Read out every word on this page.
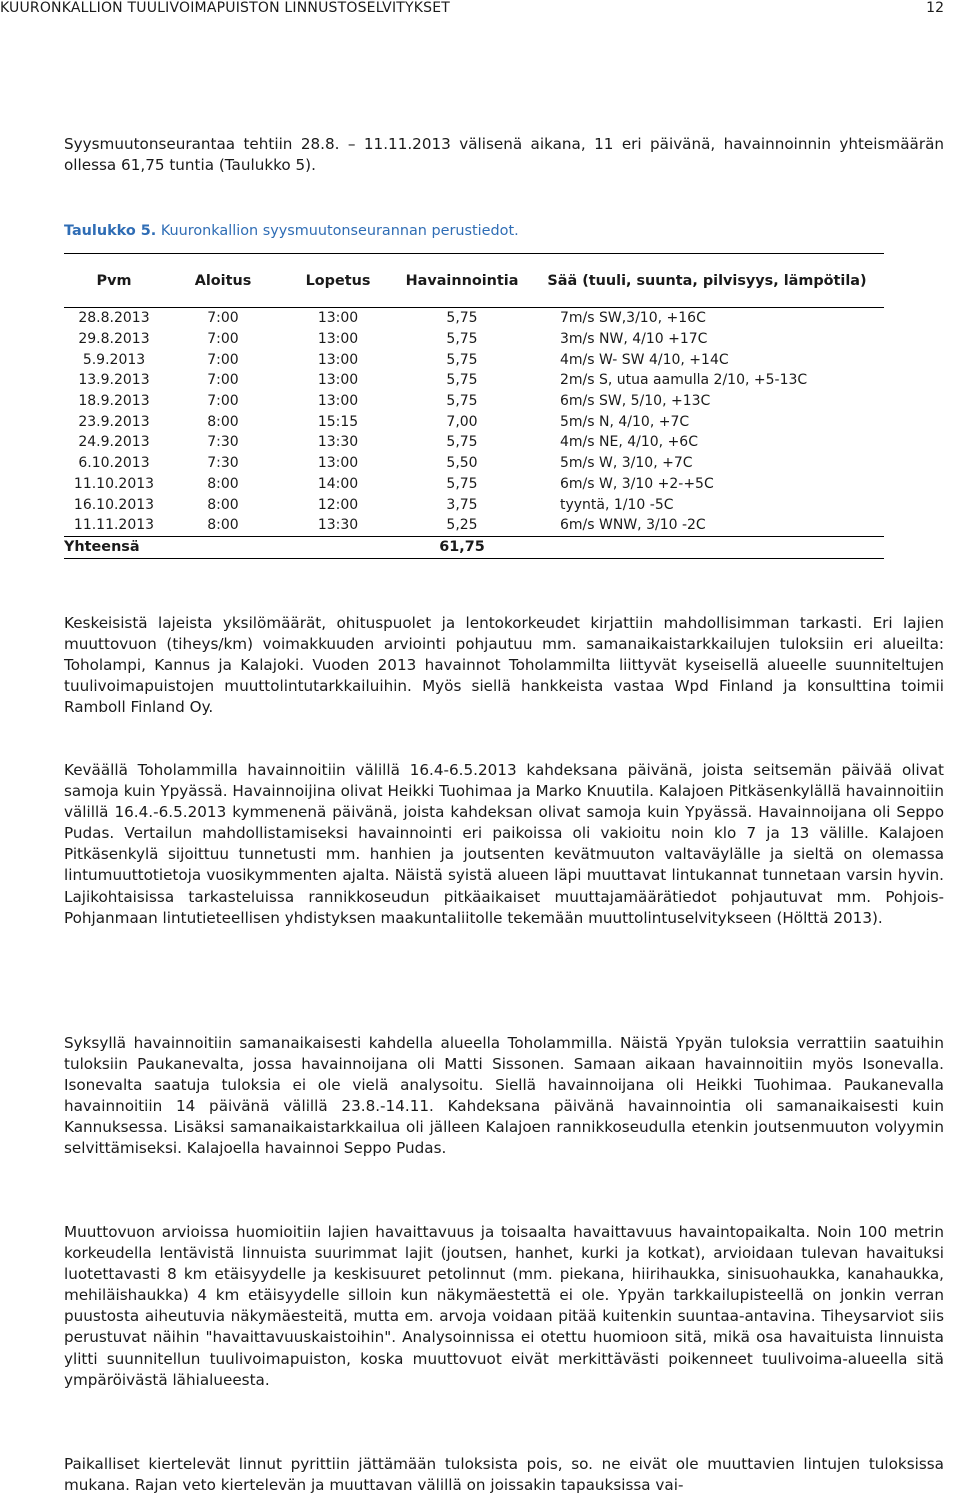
KUURONKALLION TUULIVOIMAPUISTON LINNUSTOSELVITYKSET	12

Syysmuutonseurantaa tehtiin 28.8. – 11.11.2013 välisenä aikana, 11 eri päivänä, havainnoinnin yhteismäärän ollessa 61,75 tuntia (Taulukko 5).

Taulukko 5. Kuuronkallion syysmuutonseurannan perustiedot.
Pvm	Aloitus	Lopetus	Havainnointia	Sää (tuuli, suunta, pilvisyys, lämpötila)
28.8.2013	7:00	13:00	5,75	7m/s SW,3/10, +16C
29.8.2013	7:00	13:00	5,75	3m/s NW, 4/10 +17C
5.9.2013	7:00	13:00	5,75	4m/s W- SW 4/10, +14C
13.9.2013	7:00	13:00	5,75	2m/s S, utua aamulla 2/10, +5-13C
18.9.2013	7:00	13:00	5,75	6m/s SW, 5/10, +13C
23.9.2013	8:00	15:15	7,00	5m/s N, 4/10, +7C
24.9.2013	7:30	13:30	5,75	4m/s NE, 4/10, +6C
6.10.2013	7:30	13:00	5,50	5m/s W, 3/10, +7C
11.10.2013	8:00	14:00	5,75	6m/s W, 3/10 +2-+5C
16.10.2013	8:00	12:00	3,75	tyyntä, 1/10 -5C
11.11.2013	8:00	13:30	5,25	6m/s WNW, 3/10 -2C
Yhteensä			61,75	

Keskeisistä lajeista yksilömäärät, ohituspuolet ja lentokorkeudet kirjattiin mahdollisimman tarkasti. Eri lajien muuttovuon (tiheys/km) voimakkuuden arviointi pohjautuu mm. samanaikaistarkkailujen tuloksiin eri alueilta: Toholampi, Kannus ja Kalajoki. Vuoden 2013 havainnot Toholammilta liittyvät kyseisellä alueelle suunniteltujen tuulivoimapuistojen muuttolintutarkkailuihin. Myös siellä hankkeista vastaa Wpd Finland ja konsulttina toimii Ramboll Finland Oy.

Keväällä Toholammilla havainnoitiin välillä 16.4-6.5.2013 kahdeksana päivänä, joista seitsemän päivää olivat samoja kuin Ypyässä. Havainnoijina olivat Heikki Tuohimaa ja Marko Knuutila. Kalajoen Pitkäsenkylällä havainnoitiin välillä 16.4.-6.5.2013 kymmenenä päivänä, joista kahdeksan olivat samoja kuin Ypyässä. Havainnoijana oli Seppo Pudas. Vertailun mahdollistamiseksi havainnointi eri paikoissa oli vakioitu noin klo 7 ja 13 välille. Kalajoen Pitkäsenkylä sijoittuu tunnetusti mm. hanhien ja joutsenten kevätmuuton valtaväylälle ja sieltä on olemassa lintumuuttotietoja vuosikymmenten ajalta. Näistä syistä alueen läpi muuttavat lintukannat tunnetaan varsin hyvin. Lajikohtaisissa tarkasteluissa rannikkoseudun pitkäaikaiset muuttajamäärätiedot pohjautuvat mm. Pohjois-Pohjanmaan lintutieteellisen yhdistyksen maakuntaliitolle tekemään muuttolintuselvitykseen (Hölttä 2013).

Syksyllä havainnoitiin samanaikaisesti kahdella alueella Toholammilla. Näistä Ypyän tuloksia verrattiin saatuihin tuloksiin Paukanevalta, jossa havainnoijana oli Matti Sissonen. Samaan aikaan havainnoitiin myös Isonevalla. Isonevalta saatuja tuloksia ei ole vielä analysoitu. Siellä havainnoijana oli Heikki Tuohimaa. Paukanevalla havainnoitiin 14 päivänä välillä 23.8.-14.11. Kahdeksana päivänä havainnointia oli samanaikaisesti kuin Kannuksessa. Lisäksi samanaikaistarkkailua oli jälleen Kalajoen rannikkoseudulla etenkin joutsenmuuton volyymin selvittämiseksi. Kalajoella havainnoi Seppo Pudas.

Muuttovuon arvioissa huomioitiin lajien havaittavuus ja toisaalta havaittavuus havaintopaikalta. Noin 100 metrin korkeudella lentävistä linnuista suurimmat lajit (joutsen, hanhet, kurki ja kotkat), arvioidaan tulevan havaituksi luotettavasti 8 km etäisyydelle ja keskisuuret petolinnut (mm. piekana, hiirihaukka, sinisuohaukka, kanahaukka, mehiläishaukka) 4 km etäisyydelle silloin kun näkymäestettä ei ole. Ypyän tarkkailupisteellä on jonkin verran puustosta aiheutuvia näkymäesteitä, mutta em. arvoja voidaan pitää kuitenkin suuntaa-antavina. Tiheysarviot siis perustuvat näihin "havaittavuuskaistoihin". Analysoinnissa ei otettu huomioon sitä, mikä osa havaituista linnuista ylitti suunnitellun tuulivoimapuiston, koska muuttovuot eivät merkittävästi poikenneet tuulivoima-alueella sitä ympäröivästä lähialueesta.

Paikalliset kiertelevät linnut pyrittiin jättämään tuloksista pois, so. ne eivät ole muuttavien lintujen tuloksissa mukana. Rajan veto kiertelevän ja muuttavan välillä on joissakin tapauksissa vai-
